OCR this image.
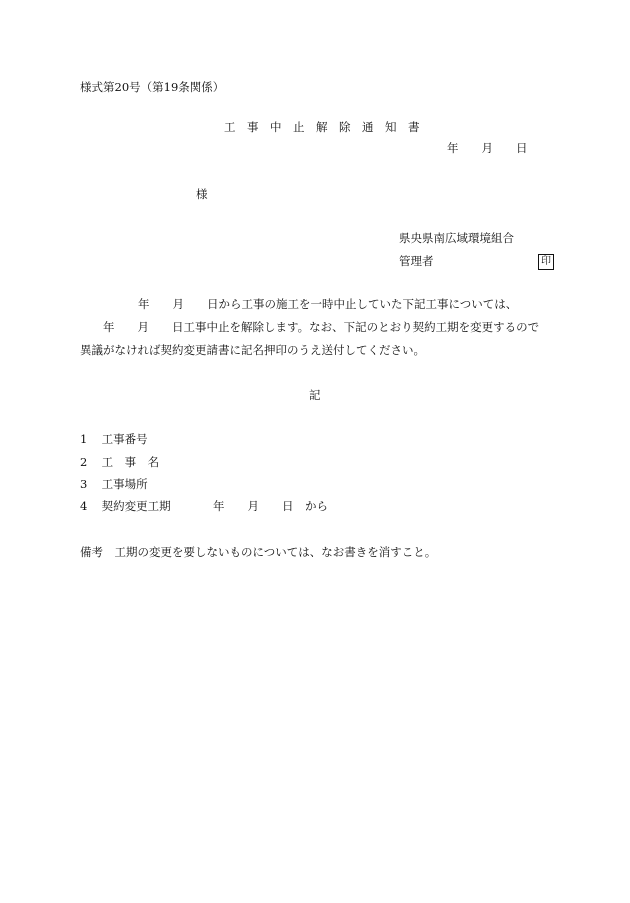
様式第20号（第19条関係）
工　事　中　止　解　除　通　知　書
年　　月　　日
様
県央県南広域環境組合
管理者	印
年　　月　　日から工事の施工を一時中止していた下記工事については、
年　　月　　日工事中止を解除します。なお、下記のとおり契約工期を変更するので
異議がなければ契約変更請書に記名押印のうえ送付してください。
記
1 工事番号
2 工　事　名
3 工事場所
4 契約変更工期	年　　月　　日　から
備考　工期の変更を要しないものについては、なお書きを消すこと。
